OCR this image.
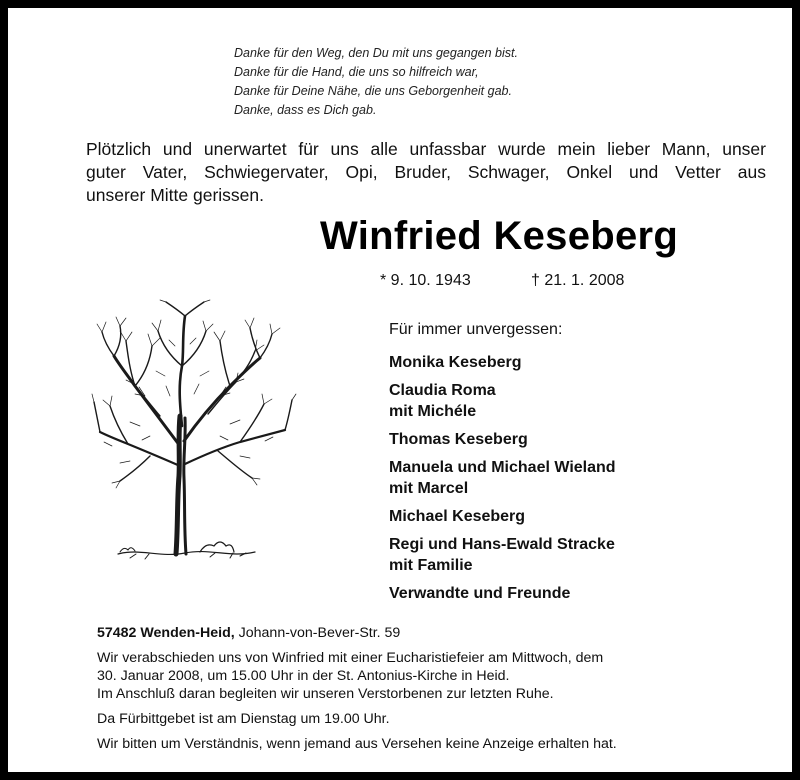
Danke für den Weg, den Du mit uns gegangen bist.
Danke für die Hand, die uns so hilfreich war,
Danke für Deine Nähe, die uns Geborgenheit gab.
Danke, dass es Dich gab.
Plötzlich und unerwartet für uns alle unfassbar wurde mein lieber Mann, unser
guter Vater, Schwiegervater, Opi, Bruder, Schwager, Onkel und Vetter aus
unserer Mitte gerissen.
Winfried Keseberg
* 9. 10. 1943	† 21. 1. 2008
Für immer unvergessen:
Monika Keseberg
Claudia Roma
mit Michéle
Thomas Keseberg
Manuela und Michael Wieland
mit Marcel
Michael Keseberg
Regi und Hans-Ewald Stracke
mit Familie
Verwandte und Freunde
57482 Wenden-Heid, Johann-von-Bever-Str. 59

Wir verabschieden uns von Winfried mit einer Eucharistiefeier am Mittwoch, dem
30. Januar 2008, um 15.00 Uhr in der St. Antonius-Kirche in Heid.
Im Anschluß daran begleiten wir unseren Verstorbenen zur letzten Ruhe.

Da Fürbittgebet ist am Dienstag um 19.00 Uhr.

Wir bitten um Verständnis, wenn jemand aus Versehen keine Anzeige erhalten hat.
